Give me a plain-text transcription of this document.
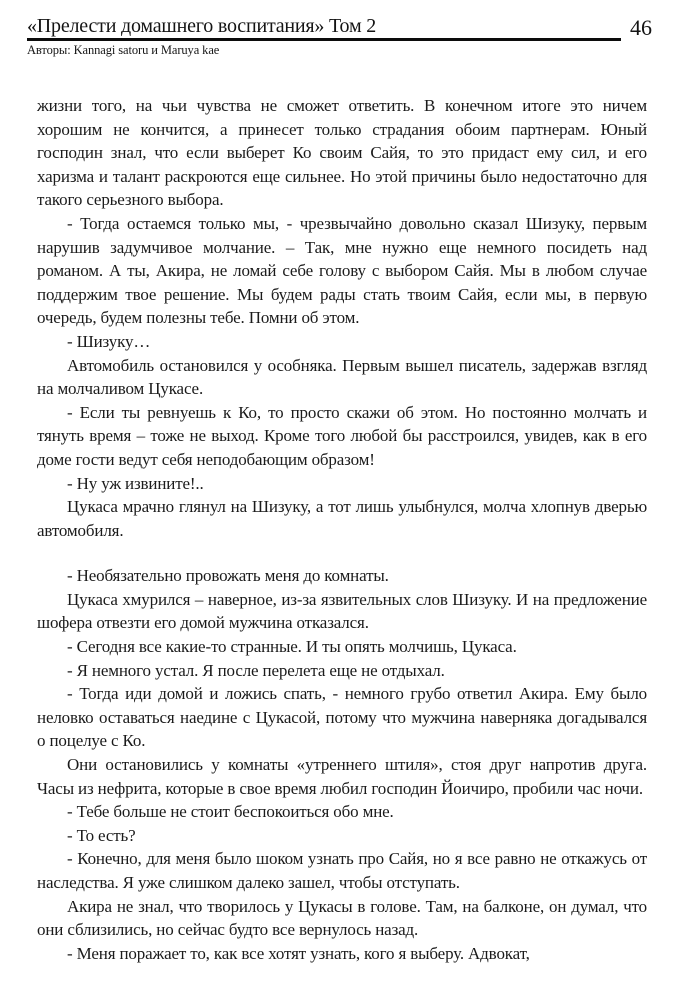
«Прелести домашнего воспитания» Том 2	46
Авторы: Kannagi satoru и Maruya kae

жизни того, на чьи чувства не сможет ответить. В конечном итоге это ничем хорошим не кончится, а принесет только страдания обоим партнерам. Юный господин знал, что если выберет Ко своим Сайя, то это придаст ему сил, и его харизма и талант раскроются еще сильнее. Но этой причины было недостаточно для такого серьезного выбора.

- Тогда остаемся только мы, - чрезвычайно довольно сказал Шизуку, первым нарушив задумчивое молчание. – Так, мне нужно еще немного посидеть над романом. А ты, Акира, не ломай себе голову с выбором Сайя. Мы в любом случае поддержим твое решение. Мы будем рады стать твоим Сайя, если мы, в первую очередь, будем полезны тебе. Помни об этом.

- Шизуку…

Автомобиль остановился у особняка. Первым вышел писатель, задержав взгляд на молчаливом Цукасе.

- Если ты ревнуешь к Ко, то просто скажи об этом. Но постоянно молчать и тянуть время – тоже не выход. Кроме того любой бы расстроился, увидев, как в его доме гости ведут себя неподобающим образом!

- Ну уж извините!..

Цукаса мрачно глянул на Шизуку, а тот лишь улыбнулся, молча хлопнув дверью автомобиля.

- Необязательно провожать меня до комнаты.

Цукаса хмурился – наверное, из-за язвительных слов Шизуку. И на предложение шофера отвезти его домой мужчина отказался.

- Сегодня все какие-то странные. И ты опять молчишь, Цукаса.

- Я немного устал. Я после перелета еще не отдыхал.

- Тогда иди домой и ложись спать, - немного грубо ответил Акира. Ему было неловко оставаться наедине с Цукасой, потому что мужчина наверняка догадывался о поцелуе с Ко.

Они остановились у комнаты «утреннего штиля», стоя друг напротив друга. Часы из нефрита, которые в свое время любил господин Йоичиро, пробили час ночи.

- Тебе больше не стоит беспокоиться обо мне.

- То есть?

- Конечно, для меня было шоком узнать про Сайя, но я все равно не откажусь от наследства. Я уже слишком далеко зашел, чтобы отступать.

Акира не знал, что творилось у Цукасы в голове. Там, на балконе, он думал, что они сблизились, но сейчас будто все вернулось назад.

- Меня поражает то, как все хотят узнать, кого я выберу. Адвокат,
